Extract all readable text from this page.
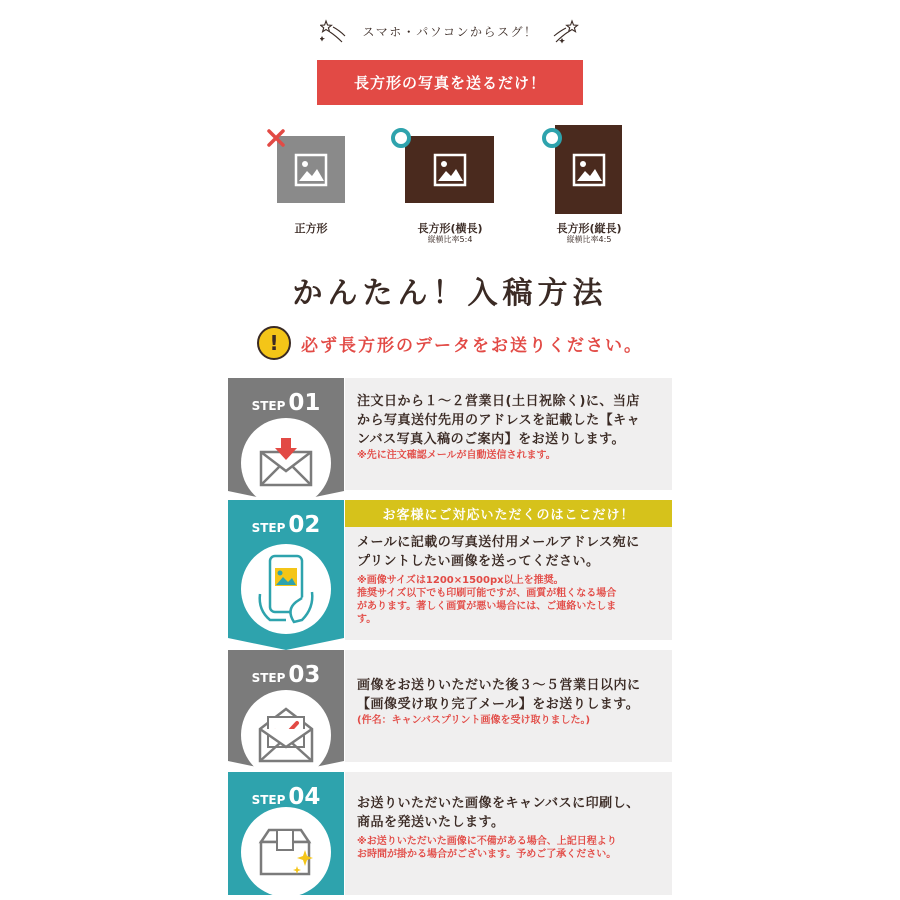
スマホ・パソコンからスグ！
長方形の写真を送るだけ！
正方形	長方形(横長)
縦横比率5:4
長方形(縦長)
縦横比率4:5
かんたん！入稿方法
!	必ず長方形のデータをお送りください。
STEP 01	注文日から１～２営業日(土日祝除く)に、当店
から写真送付先用のアドレスを記載した【キャ
ンバス写真入稿のご案内】をお送りします。
※先に注文確認メールが自動送信されます。
STEP 02	お客様にご対応いただくのはここだけ！
メールに記載の写真送付用メールアドレス宛に
プリントしたい画像を送ってください。
※画像サイズは1200×1500px以上を推奨。
推奨サイズ以下でも印刷可能ですが、画質が粗くなる場合
があります。著しく画質が悪い場合には、ご連絡いたしま
す。
STEP 03	画像をお送りいただいた後３～５営業日以内に
【画像受け取り完了メール】をお送りします。
(件名：キャンバスプリント画像を受け取りました。)
STEP 04	お送りいただいた画像をキャンバスに印刷し、
商品を発送いたします。
※お送りいただいた画像に不備がある場合、上記日程より
お時間が掛かる場合がございます。予めご了承ください。
